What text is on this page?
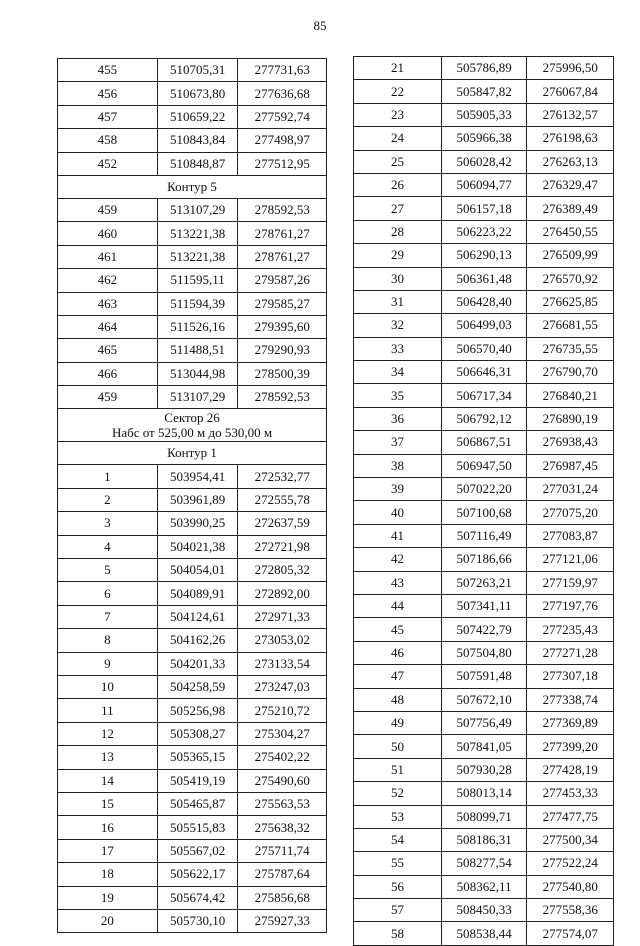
85
455	510705,31	277731,63
456	510673,80	277636,68
457	510659,22	277592,74
458	510843,84	277498,97
452	510848,87	277512,95
Контур 5		
459	513107,29	278592,53
460	513221,38	278761,27
461	513221,38	278761,27
462	511595,11	279587,26
463	511594,39	279585,27
464	511526,16	279395,60
465	511488,51	279290,93
466	513044,98	278500,39
459	513107,29	278592,53

Сектор 26
Набс от 525,00 м до 530,00 м		

Контур 1		
1	503954,41	272532,77
2	503961,89	272555,78
3	503990,25	272637,59
4	504021,38	272721,98
5	504054,01	272805,32
6	504089,91	272892,00
7	504124,61	272971,33
8	504162,26	273053,02
9	504201,33	273133,54
10	504258,59	273247,03
11	505256,98	275210,72
12	505308,27	275304,27
13	505365,15	275402,22
14	505419,19	275490,60
15	505465,87	275563,53
16	505515,83	275638,32
17	505567,02	275711,74
18	505622,17	275787,64
19	505674,42	275856,68
20	505730,10	275927,33
21	505786,89	275996,50
22	505847,82	276067,84
23	505905,33	276132,57
24	505966,38	276198,63
25	506028,42	276263,13
26	506094,77	276329,47
27	506157,18	276389,49
28	506223,22	276450,55
29	506290,13	276509,99
30	506361,48	276570,92
31	506428,40	276625,85
32	506499,03	276681,55
33	506570,40	276735,55
34	506646,31	276790,70
35	506717,34	276840,21
36	506792,12	276890,19
37	506867,51	276938,43
38	506947,50	276987,45
39	507022,20	277031,24
40	507100,68	277075,20
41	507116,49	277083,87
42	507186,66	277121,06
43	507263,21	277159,97
44	507341,11	277197,76
45	507422,79	277235,43
46	507504,80	277271,28
47	507591,48	277307,18
48	507672,10	277338,74
49	507756,49	277369,89
50	507841,05	277399,20
51	507930,28	277428,19
52	508013,14	277453,33
53	508099,71	277477,75
54	508186,31	277500,34
55	508277,54	277522,24
56	508362,11	277540,80
57	508450,33	277558,36
58	508538,44	277574,07
